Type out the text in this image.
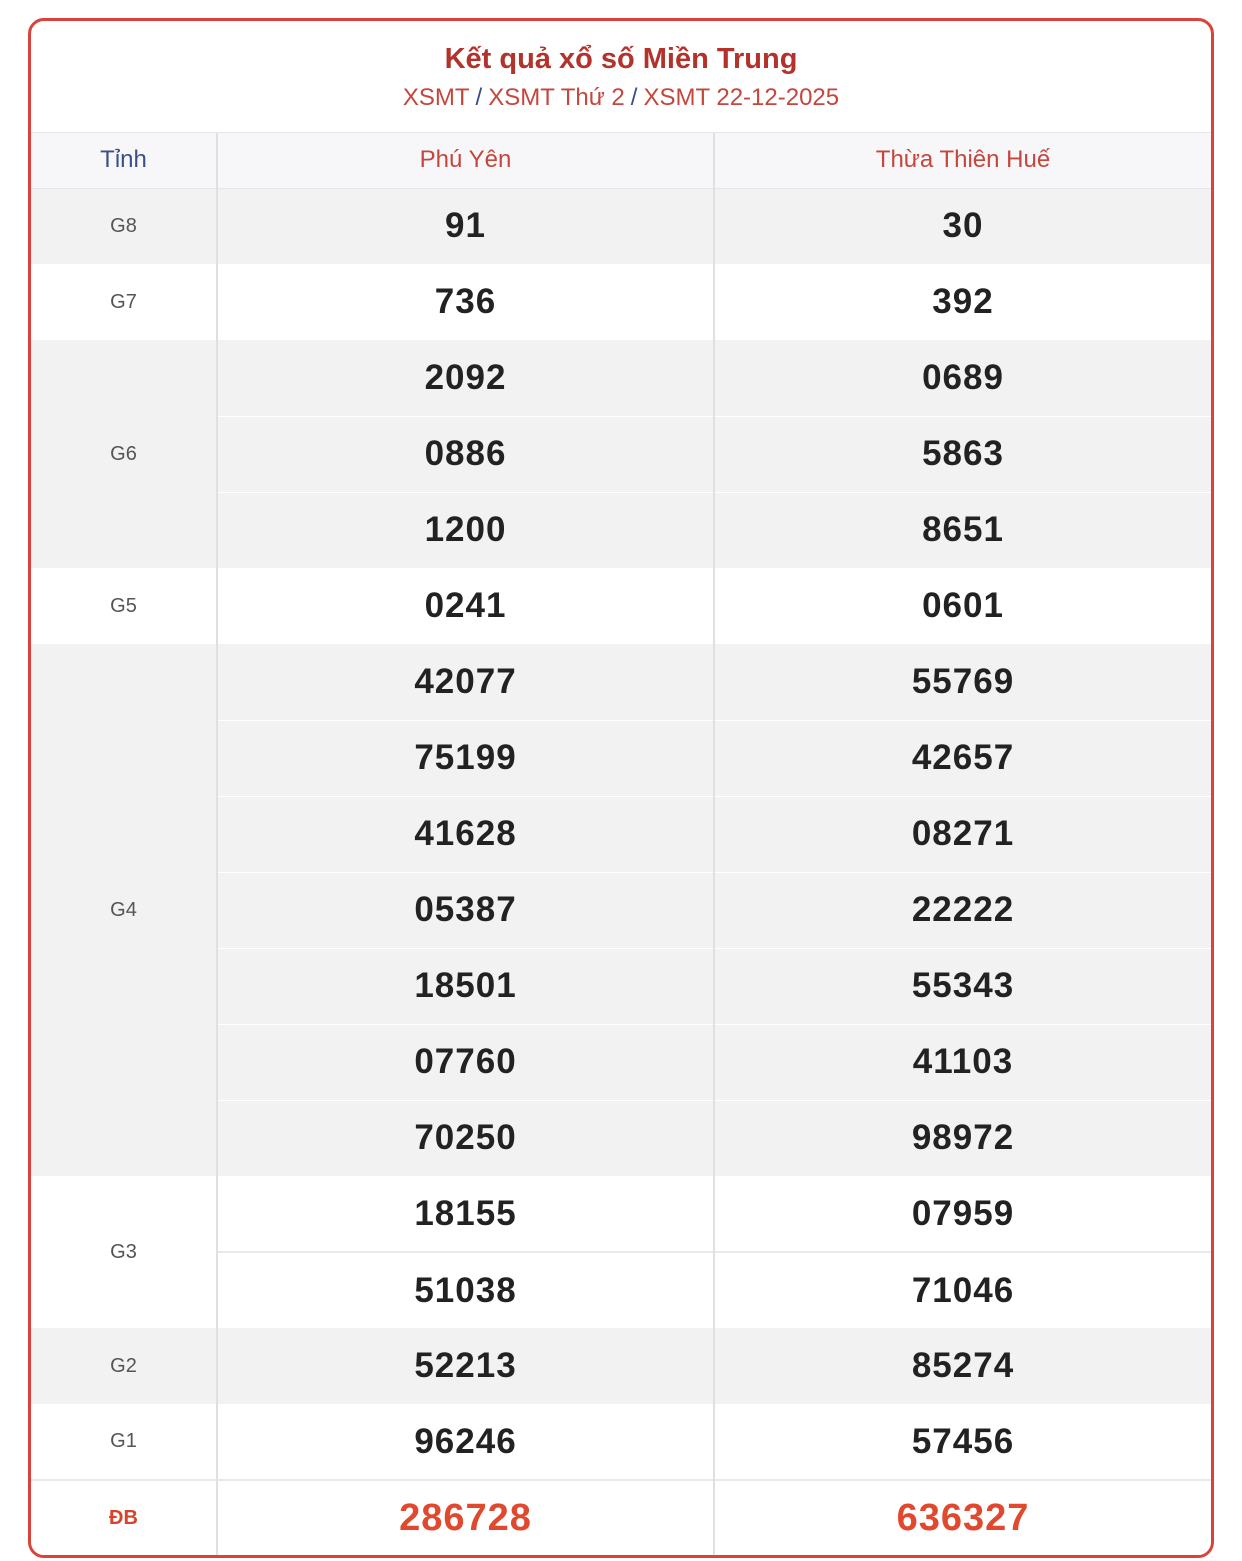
Kết quả xổ số Miền Trung
XSMT / XSMT Thứ 2 / XSMT 22-12-2025
Tỉnh	Phú Yên	Thừa Thiên Huế
G8	91	30
G7	736	392
G6	2092	0689
	0886	5863
	1200	8651
G5	0241	0601
G4	42077	55769
	75199	42657
	41628	08271
	05387	22222
	18501	55343
	07760	41103
	70250	98972
G3	18155	07959
	51038	71046
G2	52213	85274
G1	96246	57456
ĐB	286728	636327
